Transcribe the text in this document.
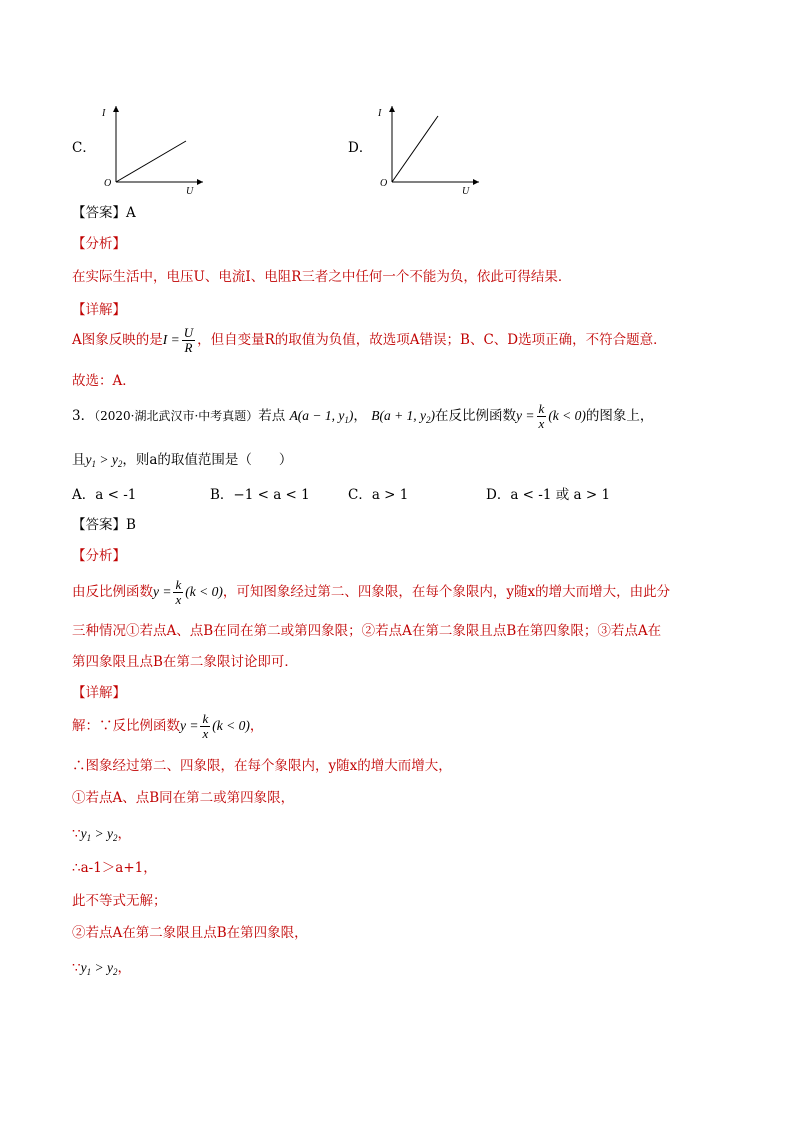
C．
I
O
U
D．
I
O
U
【答案】A
【分析】
在实际生活中，电压U、电流I、电阻R三者之中任何一个不能为负，依此可得结果．
【详解】
A图象反映的是$I = \frac{U}{R}$ ，但自变量R的取值为负值，故选项A错误；B、C、D选项正确，不符合题意．
故选：A．
3．（2020·湖北武汉市·中考真题）若点 A(a − 1, $y_1$)， B(a + 1, $y_2$)在反比例函数$y = \frac{k}{x} (k < 0)$的图象上，
且$y_1 > y_2$，则a的取值范围是（　　）
A．a < -1	B．−1 < a < 1	C．a > 1	D．a < -1 或 a > 1
【答案】B
【分析】
由反比例函数$y = \frac{k}{x} (k < 0)$，可知图象经过第二、四象限，在每个象限内，y随x的增大而增大，由此分
三种情况①若点A、点B在同在第二或第四象限；②若点A在第二象限且点B在第四象限；③若点A在
第四象限且点B在第二象限讨论即可．
【详解】
解：∵反比例函数$y = \frac{k}{x} (k < 0)$，
∴图象经过第二、四象限，在每个象限内，y随x的增大而增大，
①若点A、点B同在第二或第四象限，
$\because y_1 > y_2$，
∴a-1＞a+1，
此不等式无解；
②若点A在第二象限且点B在第四象限，
$\because y_1 > y_2$，
